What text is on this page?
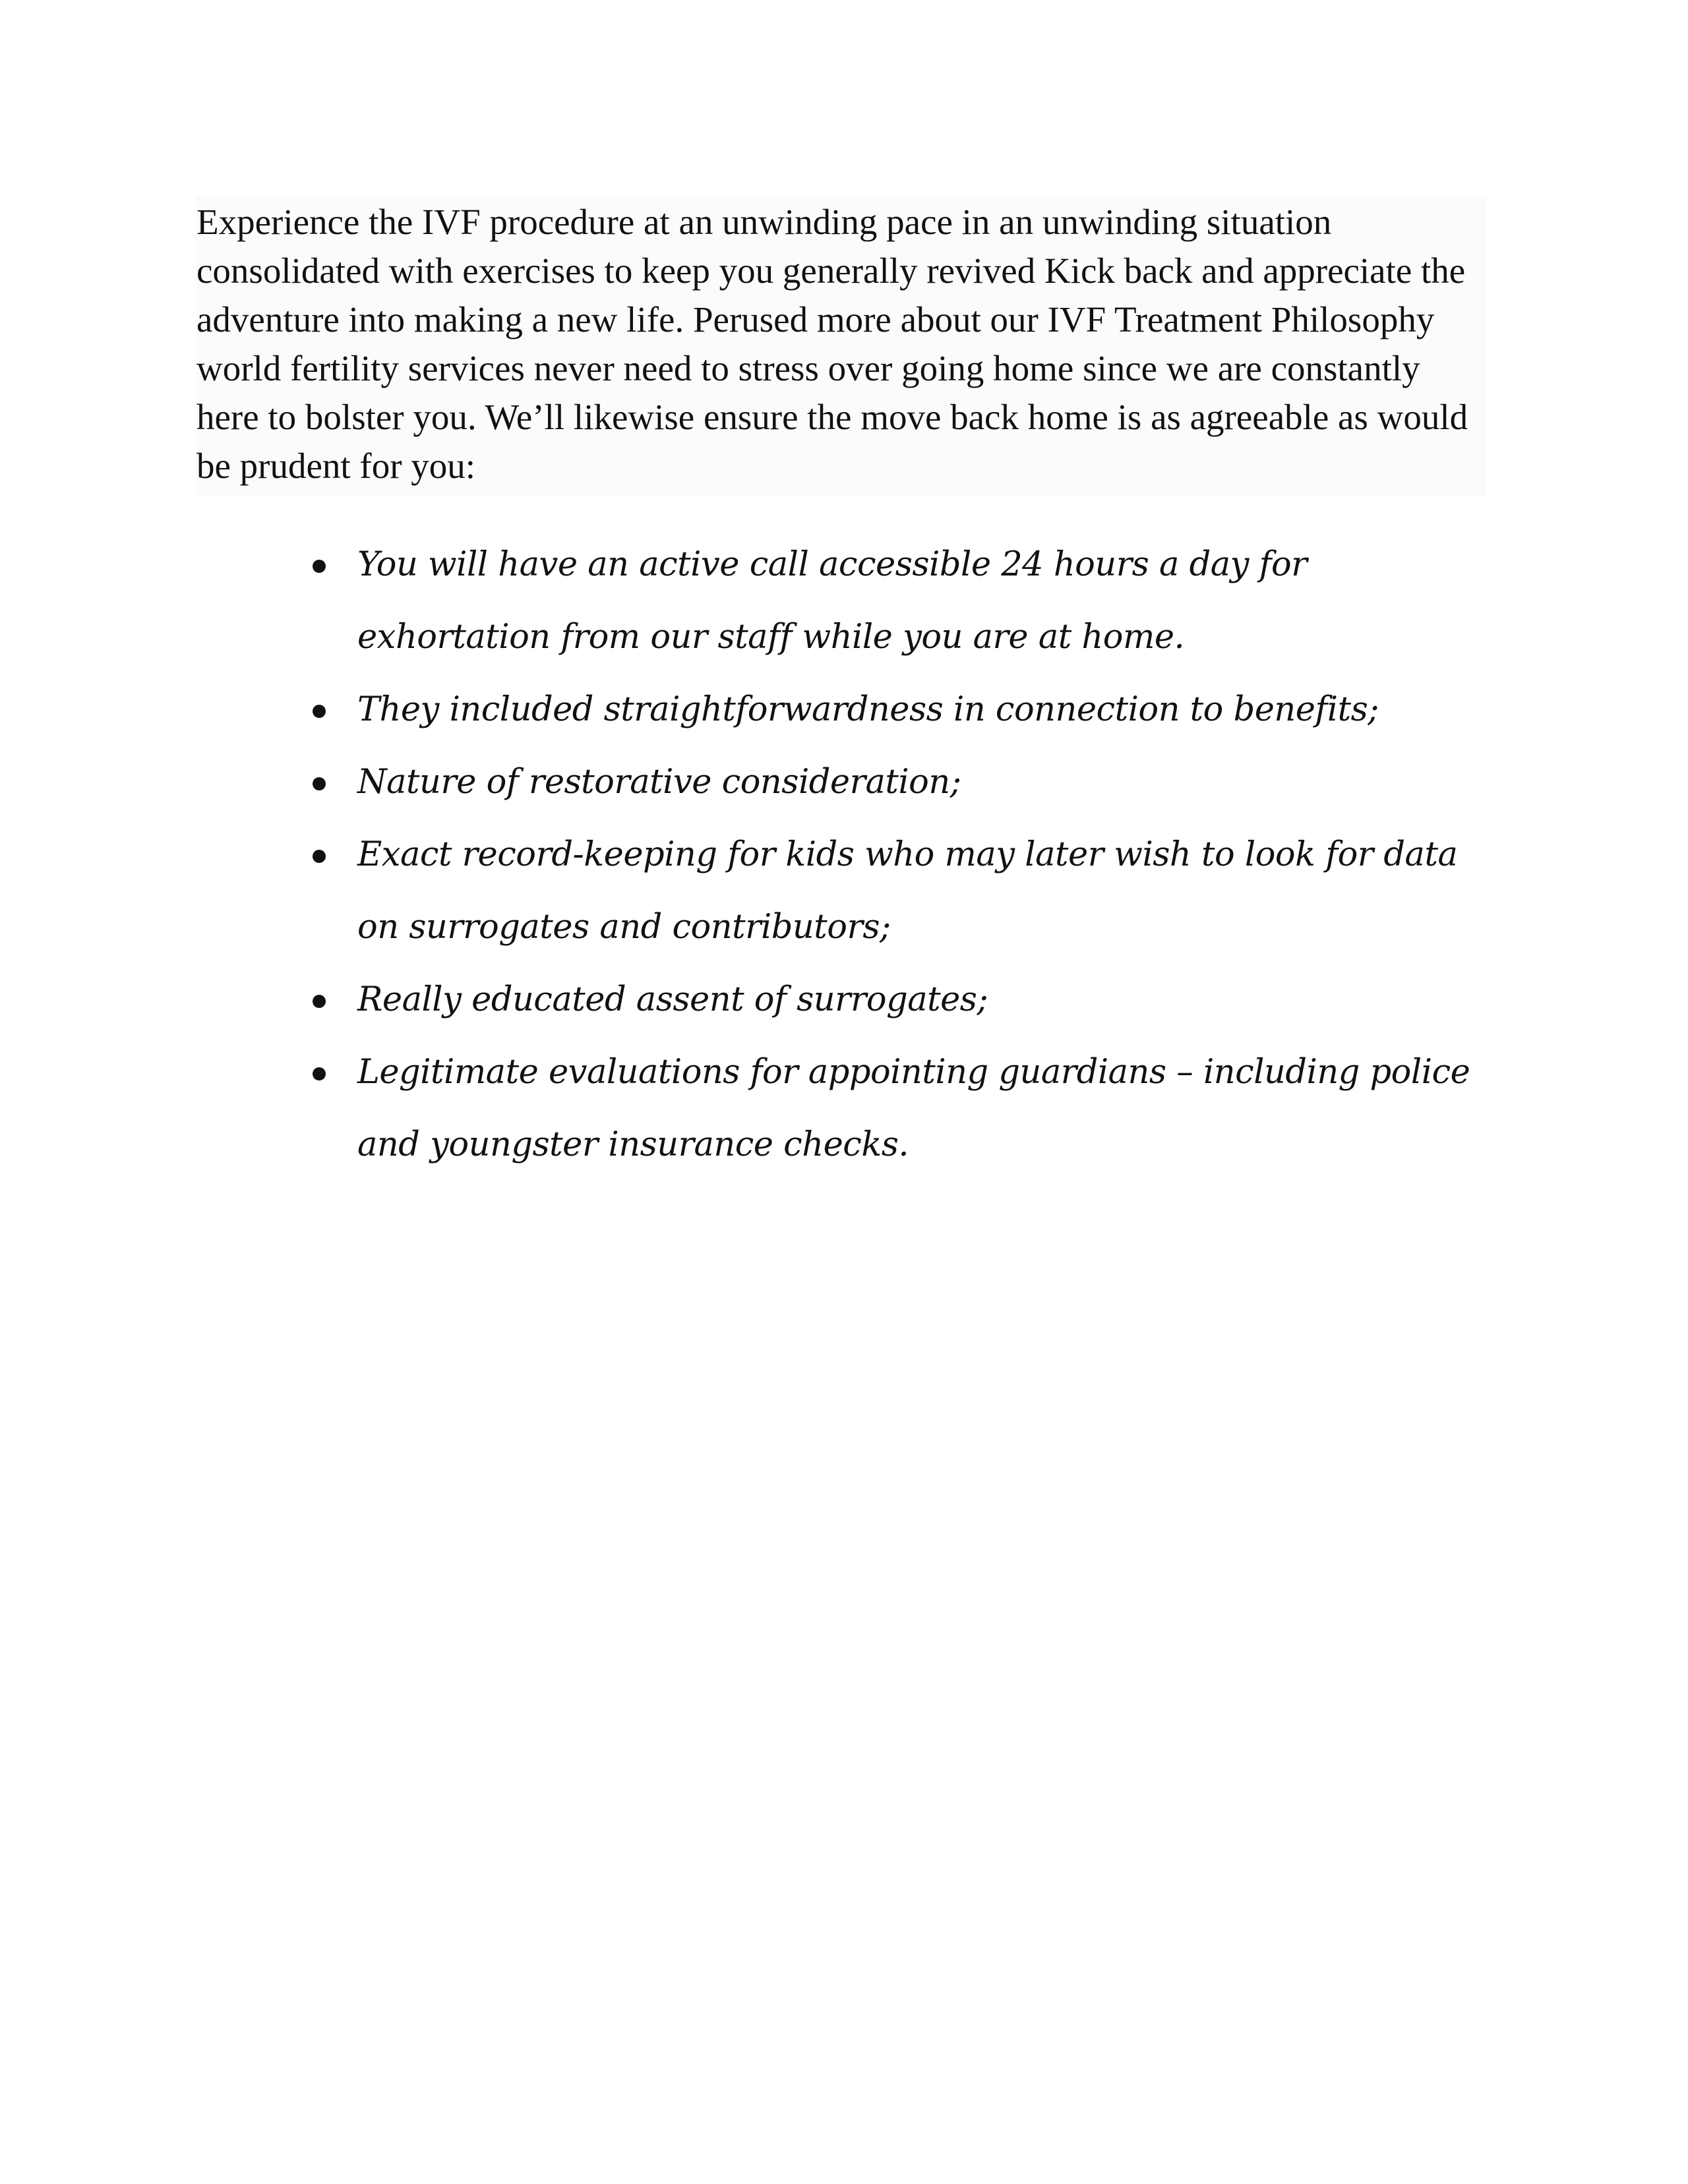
Experience the IVF procedure at an unwinding pace in an unwinding situation consolidated with exercises to keep you generally revived Kick back and appreciate the adventure into making a new life. Perused more about our IVF Treatment Philosophy world fertility services never need to stress over going home since we are constantly here to bolster you. We’ll likewise ensure the move back home is as agreeable as would be prudent for you:

You will have an active call accessible 24 hours a day for exhortation from our staff while you are at home.
They included straightforwardness in connection to benefits;
Nature of restorative consideration;
Exact record-keeping for kids who may later wish to look for data on surrogates and contributors;
Really educated assent of surrogates;
Legitimate evaluations for appointing guardians – including police and youngster insurance checks.
